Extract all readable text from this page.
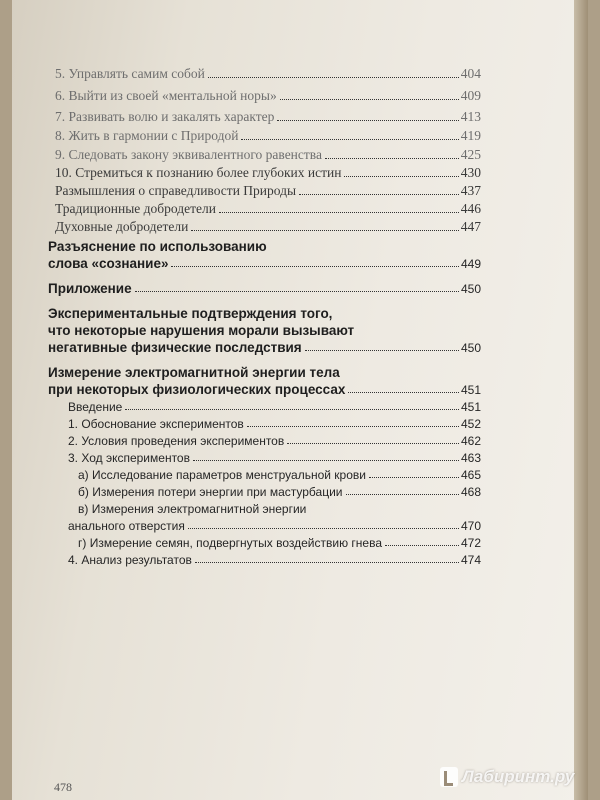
5. Управлять самим собой	404
6. Выйти из своей «ментальной норы»	409
7. Развивать волю и закалять характер	413
8. Жить в гармонии с Природой	419
9. Следовать закону эквивалентного равенства	425
10. Стремиться к познанию более глубоких истин	430
Размышления о справедливости Природы	437
Традиционные добродетели	446
Духовные добродетели	447
Разъяснение по использованию
слова «сознание»	449
Приложение	450
Экспериментальные подтверждения того,
что некоторые нарушения морали вызывают
негативные физические последствия	450
Измерение электромагнитной энергии тела
при некоторых физиологических процессах	451
Введение	451
1. Обоснование экспериментов	452
2. Условия проведения экспериментов	462
3. Ход экспериментов	463
а) Исследование параметров менструальной крови	465
б) Измерения потери энергии при мастурбации	468
в) Измерения электромагнитной энергии
анального отверстия	470
г) Измерение семян, подвергнутых воздействию гнева	472
4. Анализ результатов	474
478
Лабиринт.ру
